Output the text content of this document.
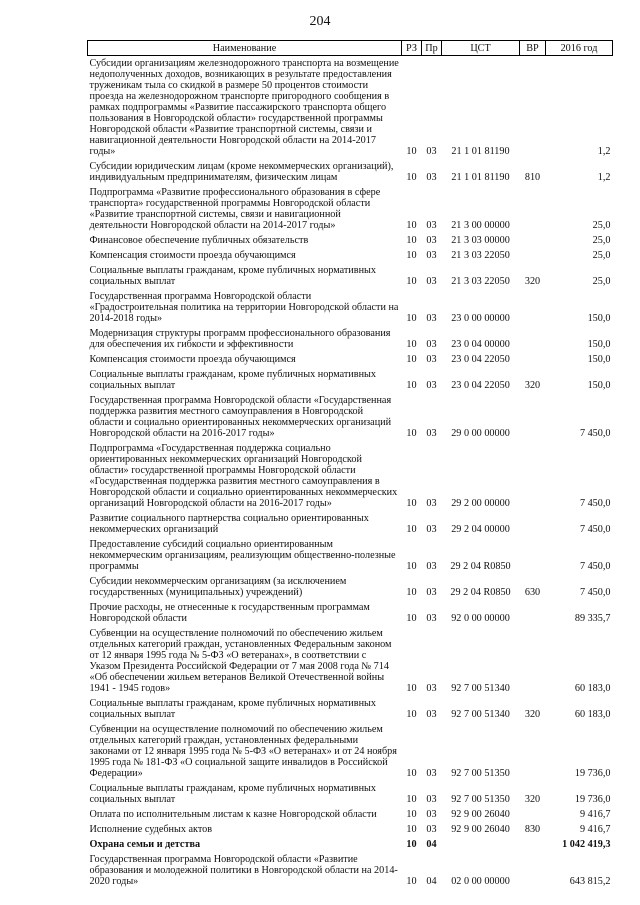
204
Наименование	РЗ	Пр	ЦСТ	ВР	2016 год
Субсидии организациям железнодорожного транспорта на возмещение недополученных доходов, возникающих в результате предоставления труженикам тыла со скидкой в размере 50 процентов стоимости проезда на железнодорожном транспорте пригородного сообщения в рамках подпрограммы «Развитие пассажирского транспорта общего пользования в Новгородской области» государственной программы Новгородской области «Развитие транспортной системы, связи и навигационной деятельности Новгородской области на 2014-2017 годы»	10	03	21 1 01 81190		1,2
Субсидии юридическим лицам (кроме некоммерческих организаций), индивидуальным предпринимателям, физическим лицам	10	03	21 1 01 81190	810	1,2
Подпрограмма «Развитие профессионального образования в сфере транспорта» государственной программы Новгородской области «Развитие транспортной системы, связи и навигационной деятельности Новгородской области на 2014-2017 годы»	10	03	21 3 00 00000		25,0
Финансовое обеспечение публичных обязательств	10	03	21 3 03 00000		25,0
Компенсация стоимости проезда обучающимся	10	03	21 3 03 22050		25,0
Социальные выплаты гражданам, кроме публичных нормативных социальных выплат	10	03	21 3 03 22050	320	25,0
Государственная программа Новгородской области «Градостроительная политика на территории Новгородской области на 2014-2018 годы»	10	03	23 0 00 00000		150,0
Модернизация структуры программ профессионального образования для обеспечения их гибкости и эффективности	10	03	23 0 04 00000		150,0
Компенсация стоимости проезда обучающимся	10	03	23 0 04 22050		150,0
Социальные выплаты гражданам, кроме публичных нормативных социальных выплат	10	03	23 0 04 22050	320	150,0
Государственная программа Новгородской области «Государственная поддержка развития местного самоуправления в Новгородской области и социально ориентированных некоммерческих организаций Новгородской области на 2016-2017 годы»	10	03	29 0 00 00000		7 450,0
Подпрограмма «Государственная поддержка социально ориентированных некоммерческих организаций Новгородской области» государственной программы Новгородской области «Государственная поддержка развития местного самоуправления в Новгородской области и социально ориентированных некоммерческих организаций Новгородской области на 2016-2017 годы»	10	03	29 2 00 00000		7 450,0
Развитие социального партнерства социально ориентированных некоммерческих организаций	10	03	29 2 04 00000		7 450,0
Предоставление субсидий социально ориентированным некоммерческим организациям, реализующим общественно-полезные программы	10	03	29 2 04 R0850		7 450,0
Субсидии некоммерческим организациям (за исключением государственных (муниципальных) учреждений)	10	03	29 2 04 R0850	630	7 450,0
Прочие расходы, не отнесенные к государственным программам Новгородской области	10	03	92 0 00 00000		89 335,7
Субвенции на осуществление полномочий по обеспечению жильем отдельных категорий граждан, установленных Федеральным законом от 12 января 1995 года № 5-ФЗ «О ветеранах», в соответствии с Указом Президента Российской Федерации от 7 мая 2008 года № 714 «Об обеспечении жильем ветеранов Великой Отечественной войны 1941 - 1945 годов»	10	03	92 7 00 51340		60 183,0
Социальные выплаты гражданам, кроме публичных нормативных социальных выплат	10	03	92 7 00 51340	320	60 183,0
Субвенции на осуществление полномочий по обеспечению жильем отдельных категорий граждан, установленных федеральными законами от 12 января 1995 года № 5-ФЗ «О ветеранах» и от 24 ноября 1995 года № 181-ФЗ «О социальной защите инвалидов в Российской Федерации»	10	03	92 7 00 51350		19 736,0
Социальные выплаты гражданам, кроме публичных нормативных социальных выплат	10	03	92 7 00 51350	320	19 736,0
Оплата по исполнительным листам к казне Новгородской области	10	03	92 9 00 26040		9 416,7
Исполнение судебных актов	10	03	92 9 00 26040	830	9 416,7
Охрана семьи и детства	10	04			1 042 419,3
Государственная программа Новгородской области «Развитие образования и молодежной политики в Новгородской области на 2014-2020 годы»	10	04	02 0 00 00000		643 815,2
